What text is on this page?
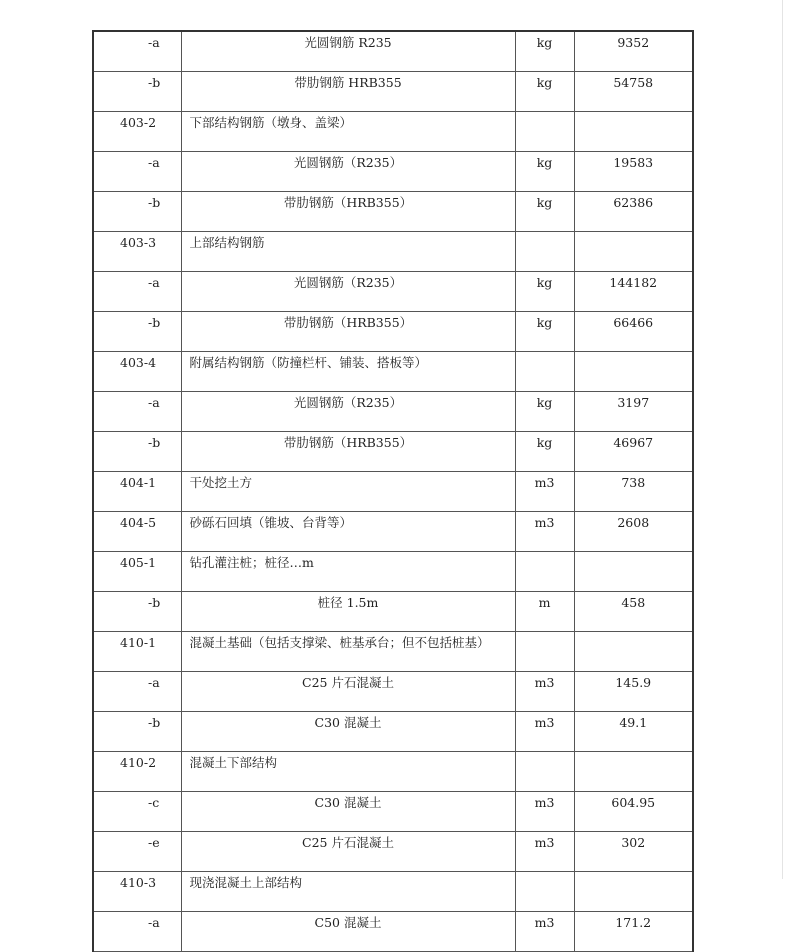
-a	光圆钢筋 R235	kg	9352
-b	带肋钢筋 HRB355	kg	54758
403-2	下部结构钢筋（墩身、盖梁）		
-a	光圆钢筋（R235）	kg	19583
-b	带肋钢筋（HRB355）	kg	62386
403-3	上部结构钢筋		
-a	光圆钢筋（R235）	kg	144182
-b	带肋钢筋（HRB355）	kg	66466
403-4	附属结构钢筋（防撞栏杆、铺装、搭板等）		
-a	光圆钢筋（R235）	kg	3197
-b	带肋钢筋（HRB355）	kg	46967
404-1	干处挖土方	m3	738
404-5	砂砾石回填（锥坡、台背等）	m3	2608
405-1	钻孔灌注桩；桩径…m		
-b	桩径 1.5m	m	458
410-1	混凝土基础（包括支撑梁、桩基承台；但不包括桩基）		
-a	C25 片石混凝土	m3	145.9
-b	C30 混凝土	m3	49.1
410-2	混凝土下部结构		
-c	C30 混凝土	m3	604.95
-e	C25 片石混凝土	m3	302
410-3	现浇混凝土上部结构		
-a	C50 混凝土	m3	171.2
